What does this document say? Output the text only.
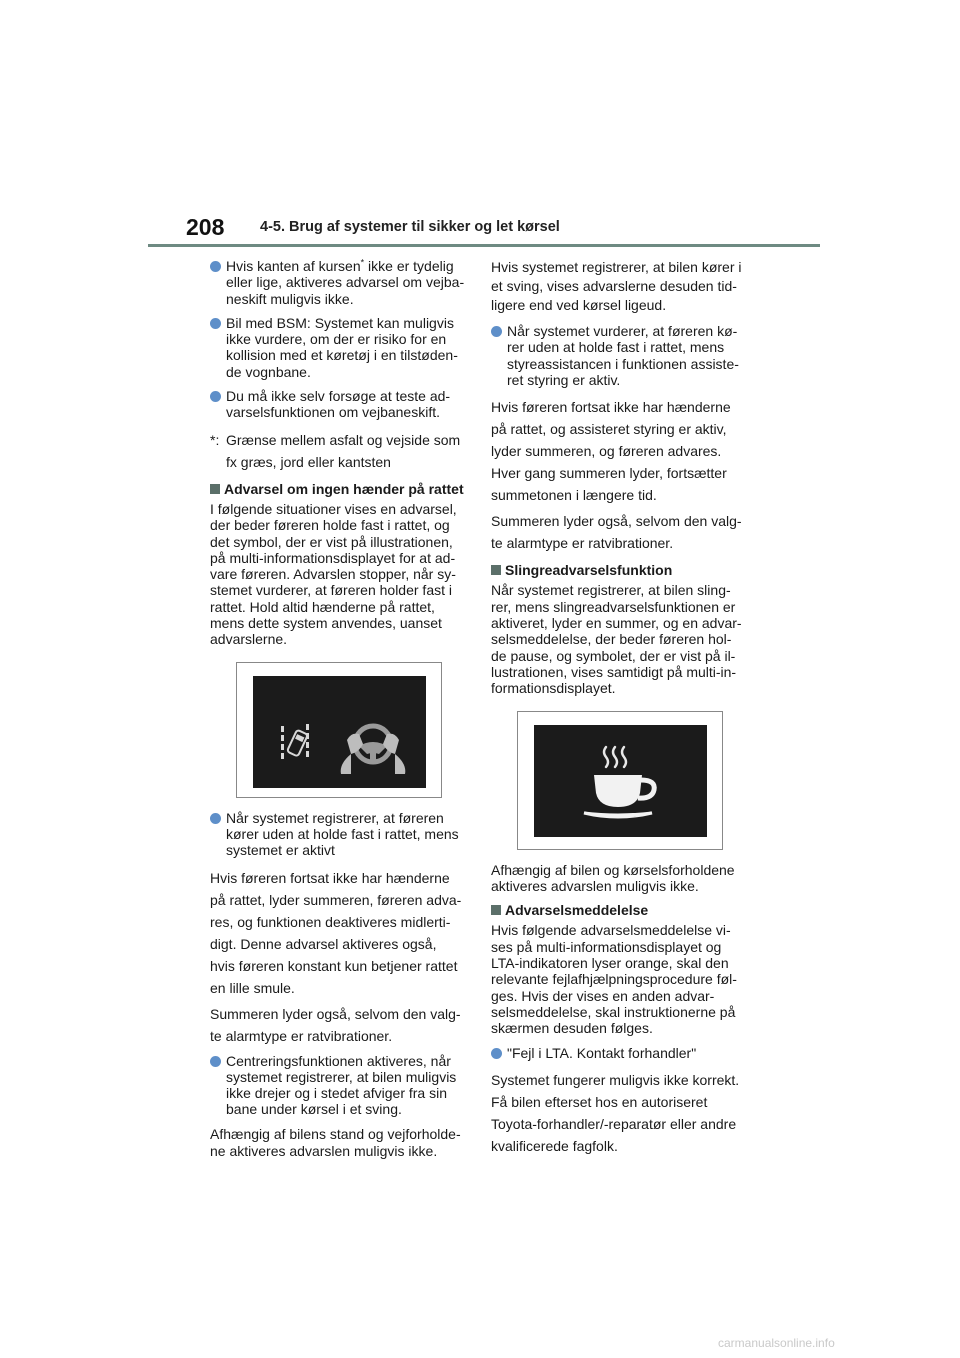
208 4-5. Brug af systemer til sikker og let kørsel
Hvis kanten af kursen* ikke er tydelig eller lige, aktiveres advarsel om vejba- neskift muligvis ikke.
Bil med BSM: Systemet kan muligvis ikke vurdere, om der er risiko for en kollision med et køretøj i en tilstøden- de vognbane.
Du må ikke selv forsøge at teste ad- varselsfunktionen om vejbaneskift.
*: Grænse mellem asfalt og vejside som fx græs, jord eller kantsten
Advarsel om ingen hænder på rattet

I følgende situationer vises en advarsel, der beder føreren holde fast i rattet, og det symbol, der er vist på illustrationen, på multi-informationsdisplayet for at ad- vare føreren. Advarslen stopper, når sy- stemet vurderer, at føreren holder fast i rattet. Hold altid hænderne på rattet, mens dette system anvendes, uanset advarslerne.

Når systemet registrerer, at føreren kører uden at holde fast i rattet, mens systemet er aktivt

Hvis føreren fortsat ikke har hænderne på rattet, lyder summeren, føreren adva- res, og funktionen deaktiveres midlerti- digt. Denne advarsel aktiveres også, hvis føreren konstant kun betjener rattet en lille smule.

Summeren lyder også, selvom den valg- te alarmtype er ratvibrationer.

Centreringsfunktionen aktiveres, når systemet registrerer, at bilen muligvis ikke drejer og i stedet afviger fra sin bane under kørsel i et sving.

Afhængig af bilens stand og vejforholde- ne aktiveres advarslen muligvis ikke.

Hvis systemet registrerer, at bilen kører i et sving, vises advarslerne desuden tid- ligere end ved kørsel ligeud.

Når systemet vurderer, at føreren kø- rer uden at holde fast i rattet, mens styreassistancen i funktionen assiste- ret styring er aktiv.

Hvis føreren fortsat ikke har hænderne på rattet, og assisteret styring er aktiv, lyder summeren, og føreren advares. Hver gang summeren lyder, fortsætter summetonen i længere tid.

Summeren lyder også, selvom den valg- te alarmtype er ratvibrationer.

Slingreadvarselsfunktion

Når systemet registrerer, at bilen sling- rer, mens slingreadvarselsfunktionen er aktiveret, lyder en summer, og en advar- selsmeddelelse, der beder føreren hol- de pause, og symbolet, der er vist på il- lustrationen, vises samtidigt på multi-in- formationsdisplayet.

Afhængig af bilen og kørselsforholdene aktiveres advarslen muligvis ikke.

Advarselsmeddelelse

Hvis følgende advarselsmeddelelse vi- ses på multi-informationsdisplayet og LTA-indikatoren lyser orange, skal den relevante fejlafhjælpningsprocedure føl- ges. Hvis der vises en anden advar- selsmeddelelse, skal instruktionerne på skærmen desuden følges.

"Fejl i LTA. Kontakt forhandler"

Systemet fungerer muligvis ikke korrekt. Få bilen efterset hos en autoriseret Toyota-forhandler/-reparatør eller andre kvalificerede fagfolk.

carmanualsonline.info
